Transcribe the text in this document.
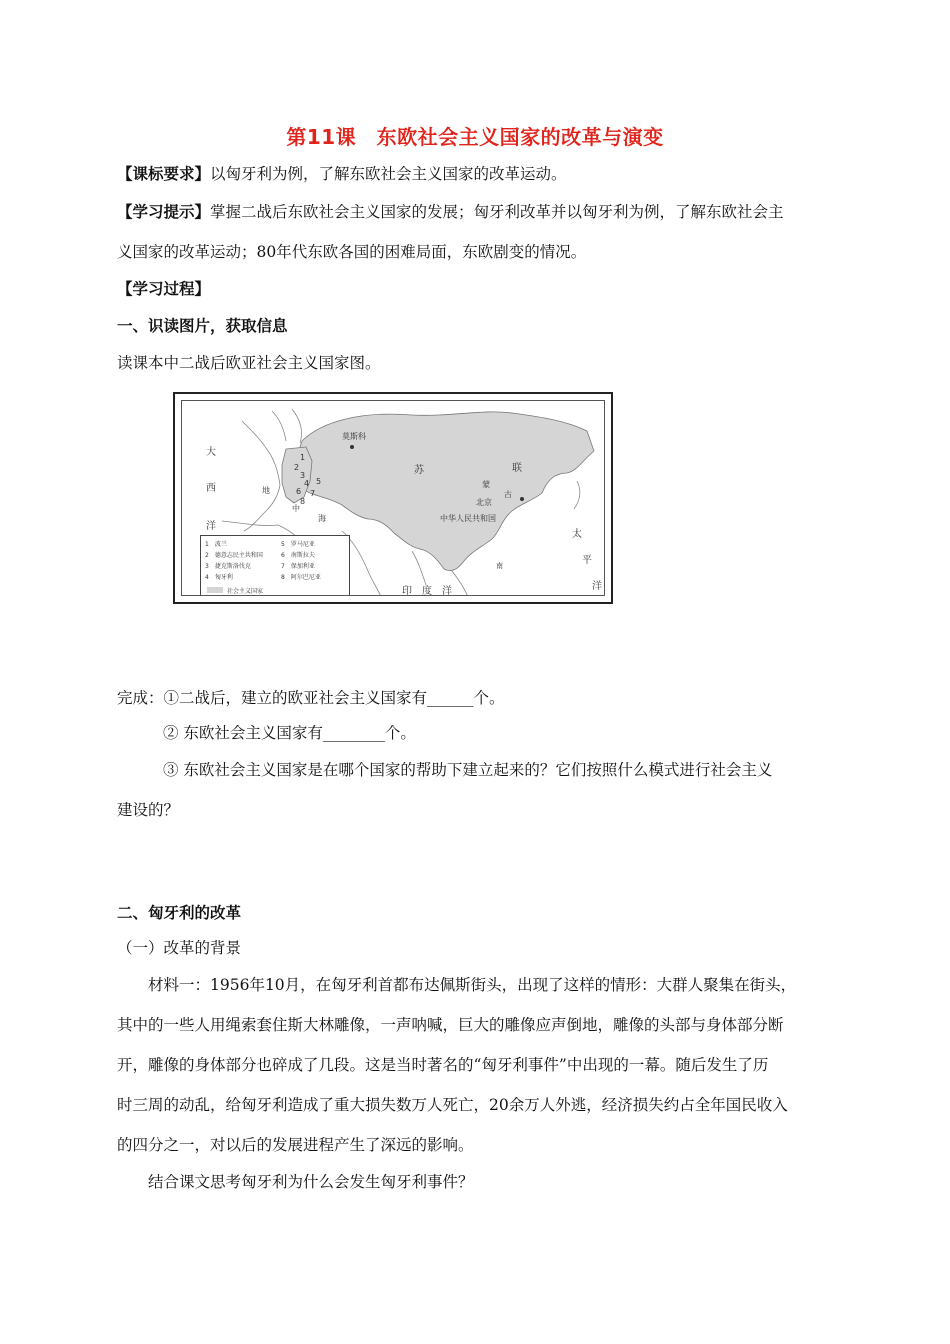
第11课　东欧社会主义国家的改革与演变
【课标要求】以匈牙利为例，了解东欧社会主义国家的改革运动。
【学习提示】掌握二战后东欧社会主义国家的发展；匈牙利改革并以匈牙利为例，了解东欧社会主
义国家的改革运动；80年代东欧各国的困难局面，东欧剧变的情况。
【学习过程】
一、识读图片，获取信息
读课本中二战后欧亚社会主义国家图。
莫斯科
苏	联
蒙
古
北京
中华人民共和国
大
西
洋
太
平
洋
印　度　洋
地
中
海
南
1
2
3
4 5
6 7
8
1　波兰
2　德意志民主共和国
3　捷克斯洛伐克
4　匈牙利
5　罗马尼亚
6　南斯拉夫
7　保加利亚
8　阿尔巴尼亚
社会主义国家
完成：①二战后，建立的欧亚社会主义国家有______个。
② 东欧社会主义国家有________个。
③ 东欧社会主义国家是在哪个国家的帮助下建立起来的？它们按照什么模式进行社会主义
建设的？
二、匈牙利的改革
（一）改革的背景
材料一：1956年10月，在匈牙利首都布达佩斯街头，出现了这样的情形：大群人聚集在街头，
其中的一些人用绳索套住斯大林雕像，一声呐喊，巨大的雕像应声倒地，雕像的头部与身体部分断
开，雕像的身体部分也碎成了几段。这是当时著名的“匈牙利事件”中出现的一幕。随后发生了历
时三周的动乱，给匈牙利造成了重大损失数万人死亡，20余万人外逃，经济损失约占全年国民收入
的四分之一，对以后的发展进程产生了深远的影响。
结合课文思考匈牙利为什么会发生匈牙利事件？
